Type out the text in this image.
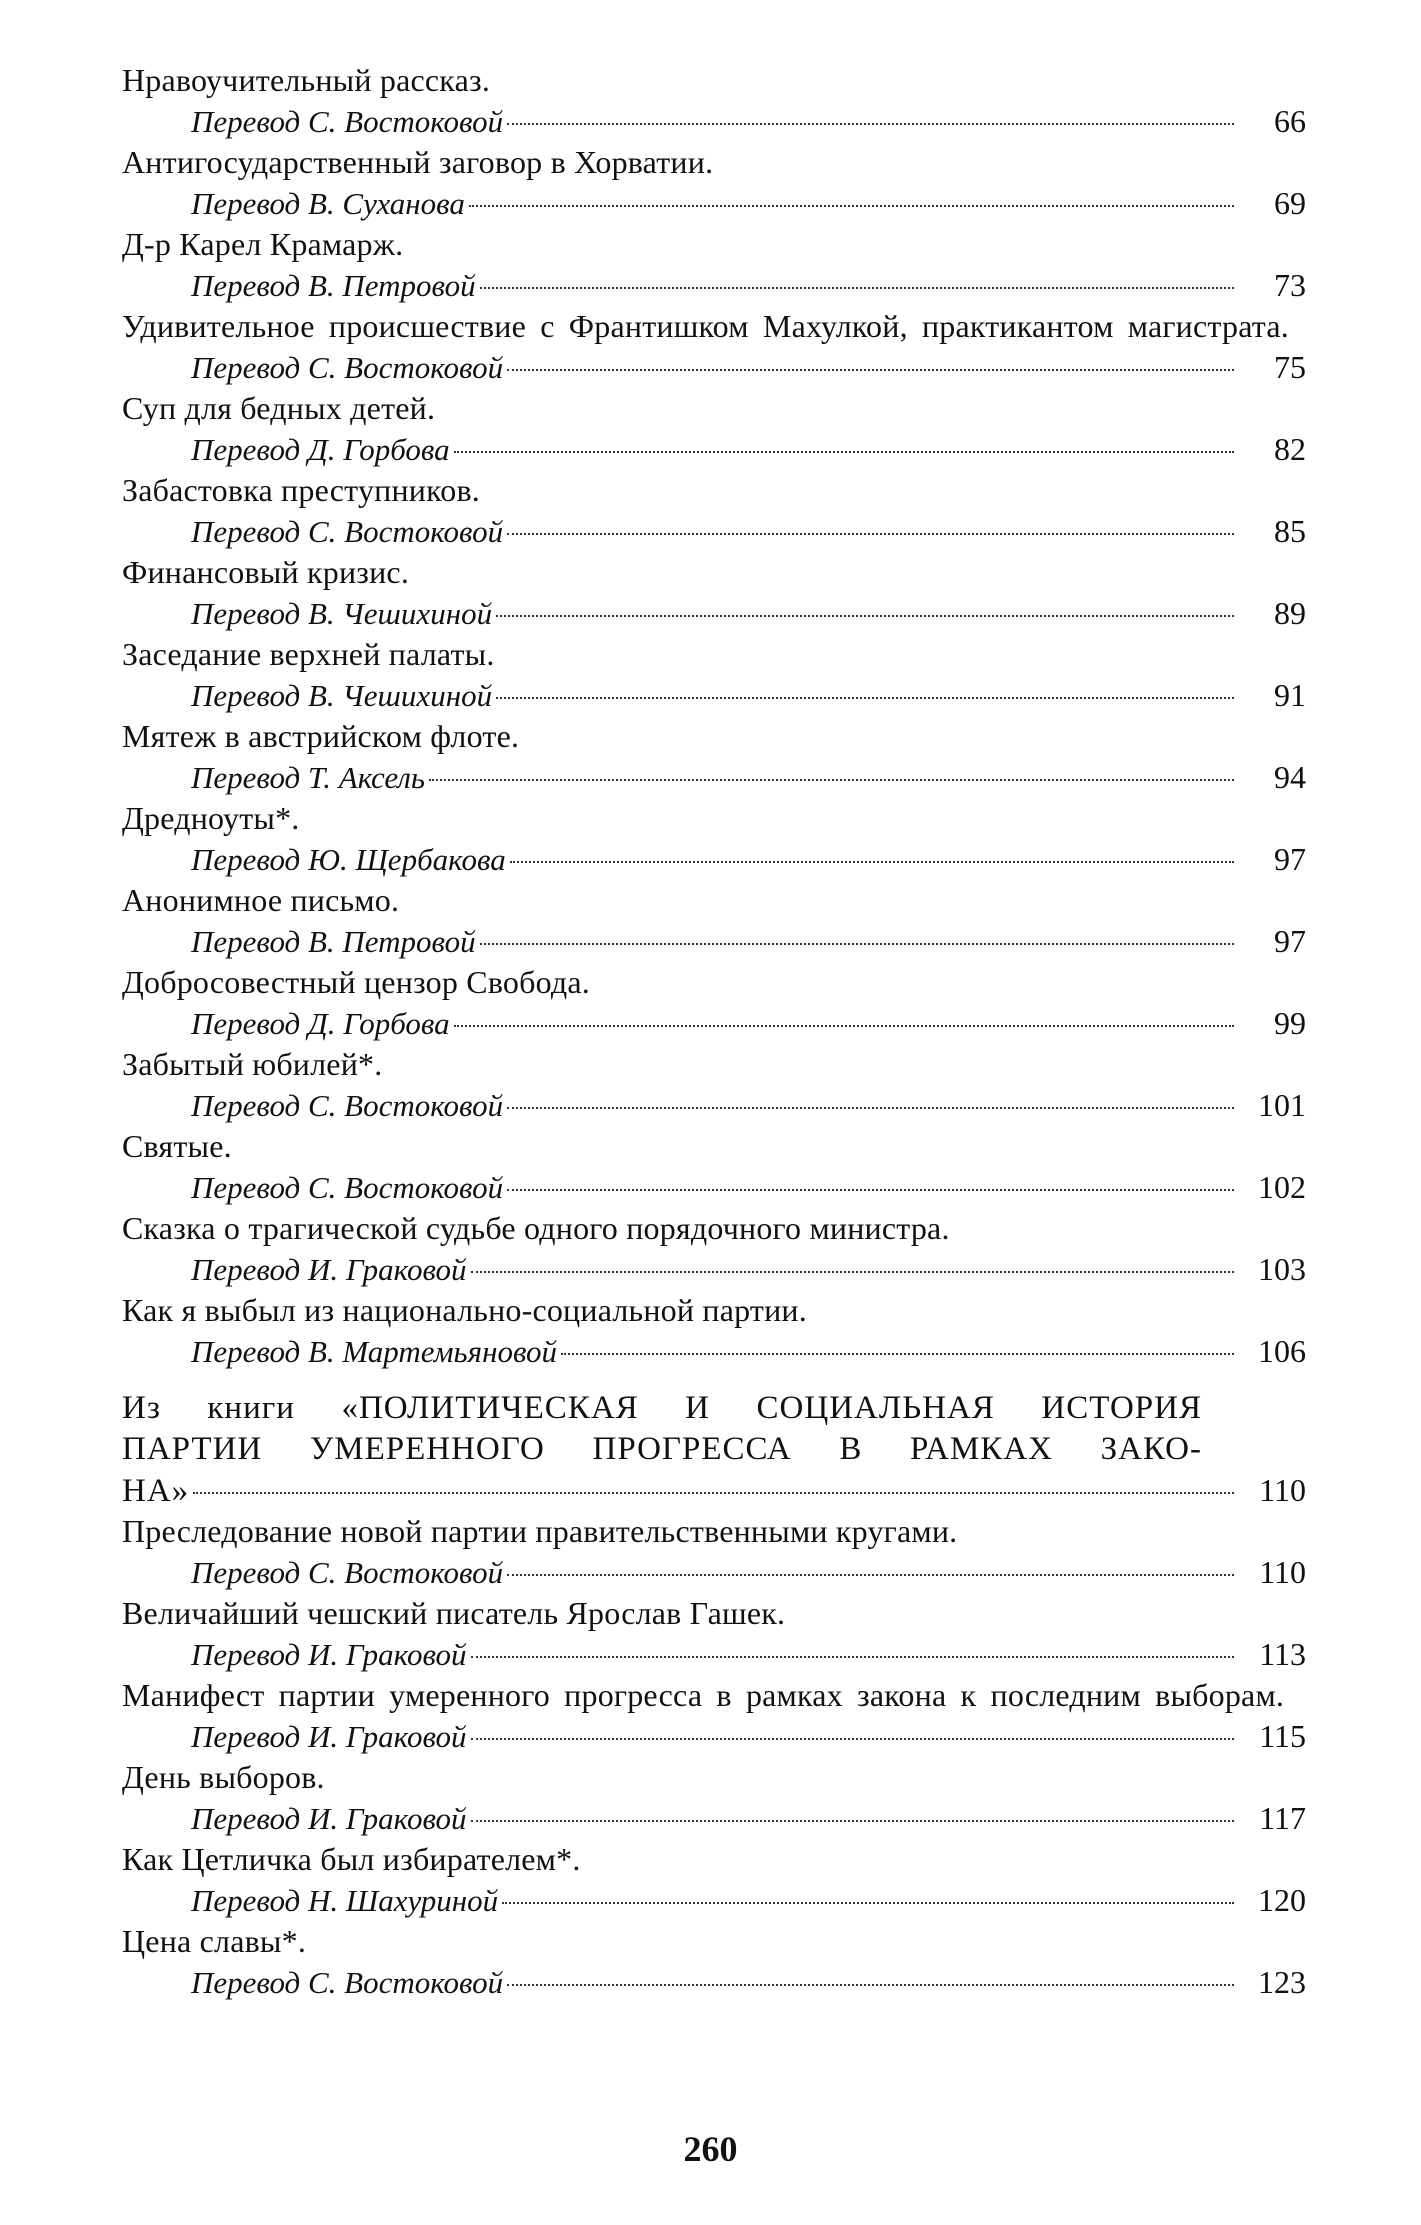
Нравоучительный рассказ.
Перевод С. Востоковой	66
Антигосударственный заговор в Хорватии.
Перевод В. Суханова	69
Д-р Карел Крамарж.
Перевод В. Петровой	73
Удивительное происшествие с Франтишком Махулкой, практикантом магистрата.
Перевод С. Востоковой	75
Суп для бедных детей.
Перевод Д. Горбова	82
Забастовка преступников.
Перевод С. Востоковой	85
Финансовый кризис.
Перевод В. Чешихиной	89
Заседание верхней палаты.
Перевод В. Чешихиной	91
Мятеж в австрийском флоте.
Перевод Т. Аксель	94
Дредноуты*.
Перевод Ю. Щербакова	97
Анонимное письмо.
Перевод В. Петровой	97
Добросовестный цензор Свобода.
Перевод Д. Горбова	99
Забытый юбилей*.
Перевод С. Востоковой	101
Святые.
Перевод С. Востоковой	102
Сказка о трагической судьбе одного порядочного министра.
Перевод И. Граковой	103
Как я выбыл из национально-социальной партии.
Перевод В. Мартемьяновой	106
Из книги «ПОЛИТИЧЕСКАЯ И СОЦИАЛЬНАЯ ИСТОРИЯ
ПАРТИИ УМЕРЕННОГО ПРОГРЕССА В РАМКАХ ЗАКО-
НА»	110
Преследование новой партии правительственными кругами.
Перевод С. Востоковой	110
Величайший чешский писатель Ярослав Гашек.
Перевод И. Граковой	113
Манифест партии умеренного прогресса в рамках закона к последним выборам.
Перевод И. Граковой	115
День выборов.
Перевод И. Граковой	117
Как Цетличка был избирателем*.
Перевод Н. Шахуриной	120
Цена славы*.
Перевод С. Востоковой	123
260
